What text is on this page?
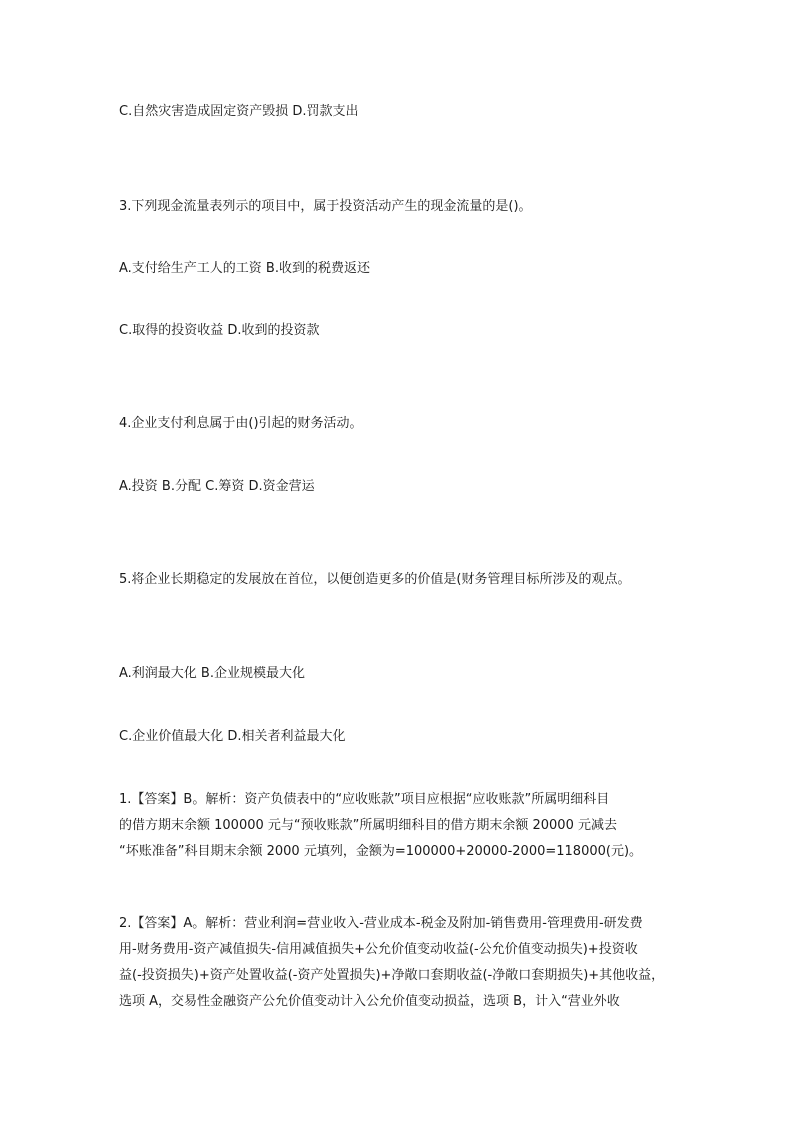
C.自然灾害造成固定资产毁损 D.罚款支出
3.下列现金流量表列示的项目中，属于投资活动产生的现金流量的是()。
A.支付给生产工人的工资 B.收到的税费返还
C.取得的投资收益 D.收到的投资款
4.企业支付利息属于由()引起的财务活动。
A.投资 B.分配 C.筹资 D.资金营运
5.将企业长期稳定的发展放在首位，以便创造更多的价值是(财务管理目标所涉及的观点。
A.利润最大化 B.企业规模最大化
C.企业价值最大化 D.相关者利益最大化
1.【答案】B。解析：资产负债表中的“应收账款”项目应根据“应收账款”所属明细科目
的借方期末余额 100000 元与“预收账款”所属明细科目的借方期末余额 20000 元减去
“坏账准备”科目期末余额 2000 元填列，金额为=100000+20000-2000=118000(元)。
2.【答案】A。解析：营业利润=营业收入-营业成本-税金及附加-销售费用-管理费用-研发费
用-财务费用-资产减值损失-信用减值损失+公允价值变动收益(-公允价值变动损失)+投资收
益(-投资损失)+资产处置收益(-资产处置损失)+净敞口套期收益(-净敞口套期损失)+其他收益，
选项 A，交易性金融资产公允价值变动计入公允价值变动损益，选项 B，计入“营业外收
